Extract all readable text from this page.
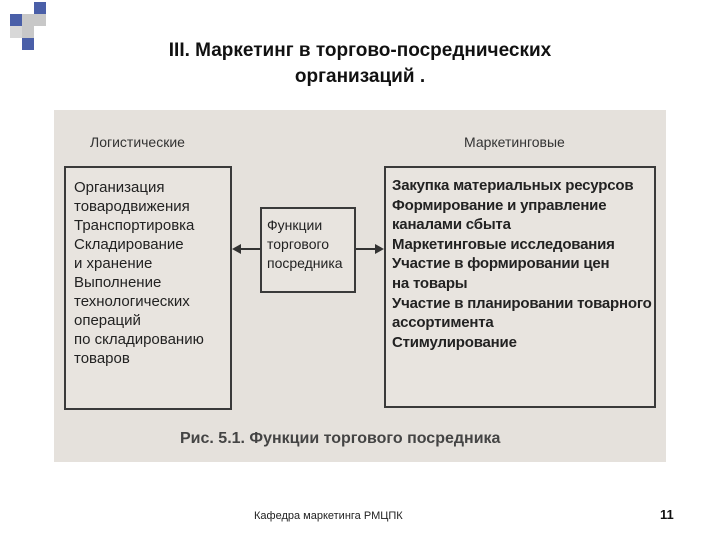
III. Маркетинг в торгово-посреднических
организаций .
Логистические	Маркетинговые
Организация
товародвижения
Транспортировка
Складирование
и хранение
Выполнение
технологических
операций
по складированию
товаров
Функции
торгового
посредника
Закупка материальных ресурсов
Формирование и управление
каналами сбыта
Маркетинговые исследования
Участие в формировании цен
на товары
Участие в планировании товарного
ассортимента
Стимулирование
Рис. 5.1. Функции торгового посредника
Кафедра маркетинга РМЦПК	11
